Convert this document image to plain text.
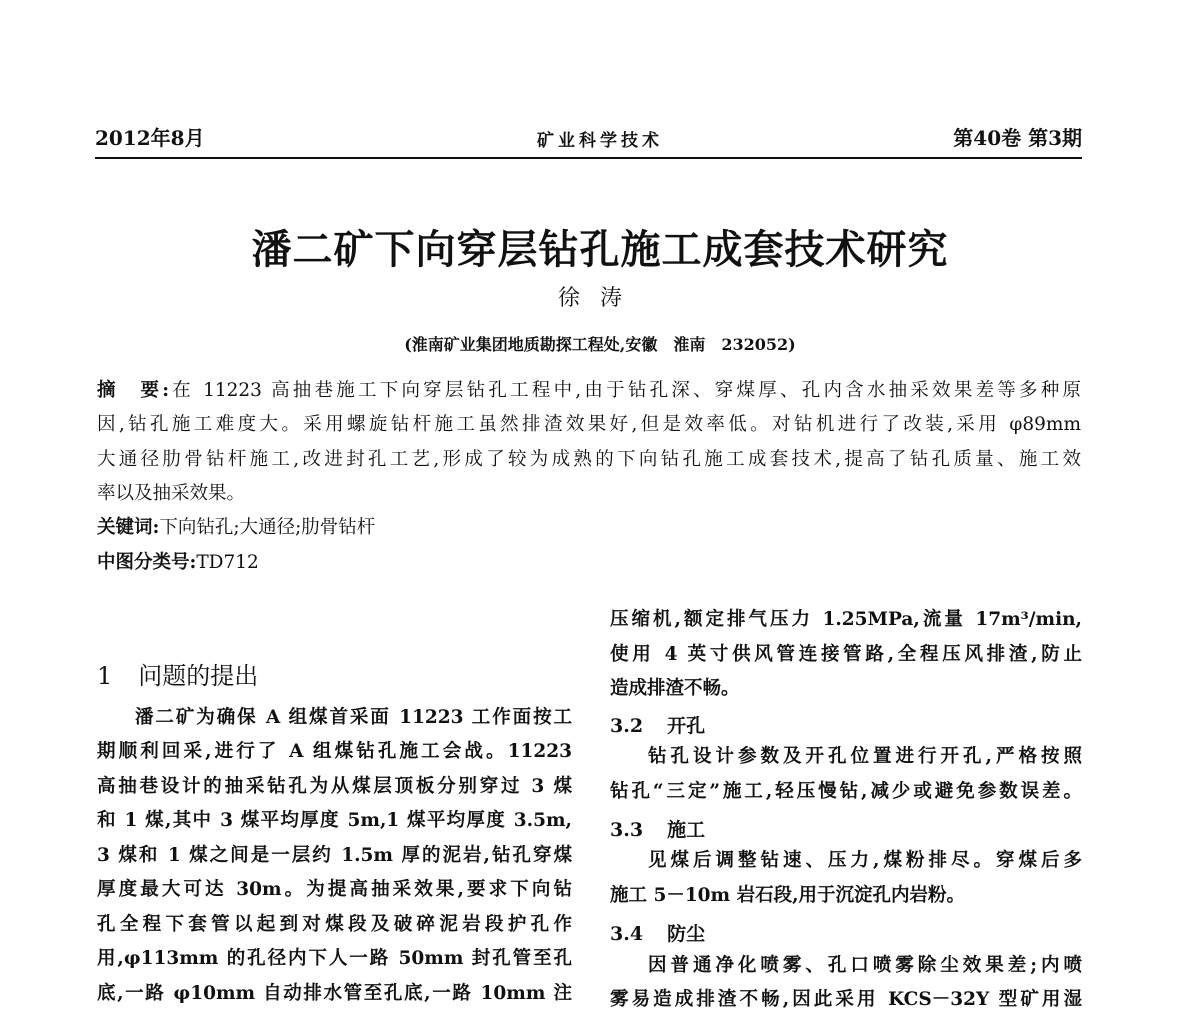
2012年8月	矿业科学技术	第40卷 第3期
潘二矿下向穿层钻孔施工成套技术研究
徐涛
(淮南矿业集团地质勘探工程处,安徽　淮南　232052)
摘　要:在 11223 高抽巷施工下向穿层钻孔工程中,由于钻孔深、穿煤厚、孔内含水抽采效果差等多种原
因,钻孔施工难度大。采用螺旋钻杆施工虽然排渣效果好,但是效率低。对钻机进行了改装,采用 φ89mm
大通径肋骨钻杆施工,改进封孔工艺,形成了较为成熟的下向钻孔施工成套技术,提高了钻孔质量、施工效
率以及抽采效果。
关键词:下向钻孔;大通径;肋骨钻杆
中图分类号:TD712
1 问题的提出
潘二矿为确保 A 组煤首采面 11223 工作面按工
期顺利回采,进行了 A 组煤钻孔施工会战。11223
高抽巷设计的抽采钻孔为从煤层顶板分别穿过 3 煤
和 1 煤,其中 3 煤平均厚度 5m,1 煤平均厚度 3.5m,
3 煤和 1 煤之间是一层约 1.5m 厚的泥岩,钻孔穿煤
厚度最大可达 30m。为提高抽采效果,要求下向钻
孔全程下套管以起到对煤段及破碎泥岩段护孔作
用,φ113mm 的孔径内下人一路 50mm 封孔管至孔
底,一路 φ10mm 自动排水管至孔底,一路 10mm 注
压缩机,额定排气压力 1.25MPa,流量 17m³/min,
使用 4 英寸供风管连接管路,全程压风排渣,防止
造成排渣不畅。
3.2 开孔
钻孔设计参数及开孔位置进行开孔,严格按照
钻孔“三定”施工,轻压慢钻,减少或避免参数误差。
3.3 施工
见煤后调整钻速、压力,煤粉排尽。穿煤后多
施工 5－10m 岩石段,用于沉淀孔内岩粉。
3.4 防尘
因普通净化喷雾、孔口喷雾除尘效果差;内喷
雾易造成排渣不畅,因此采用 KCS－32Y 型矿用湿
